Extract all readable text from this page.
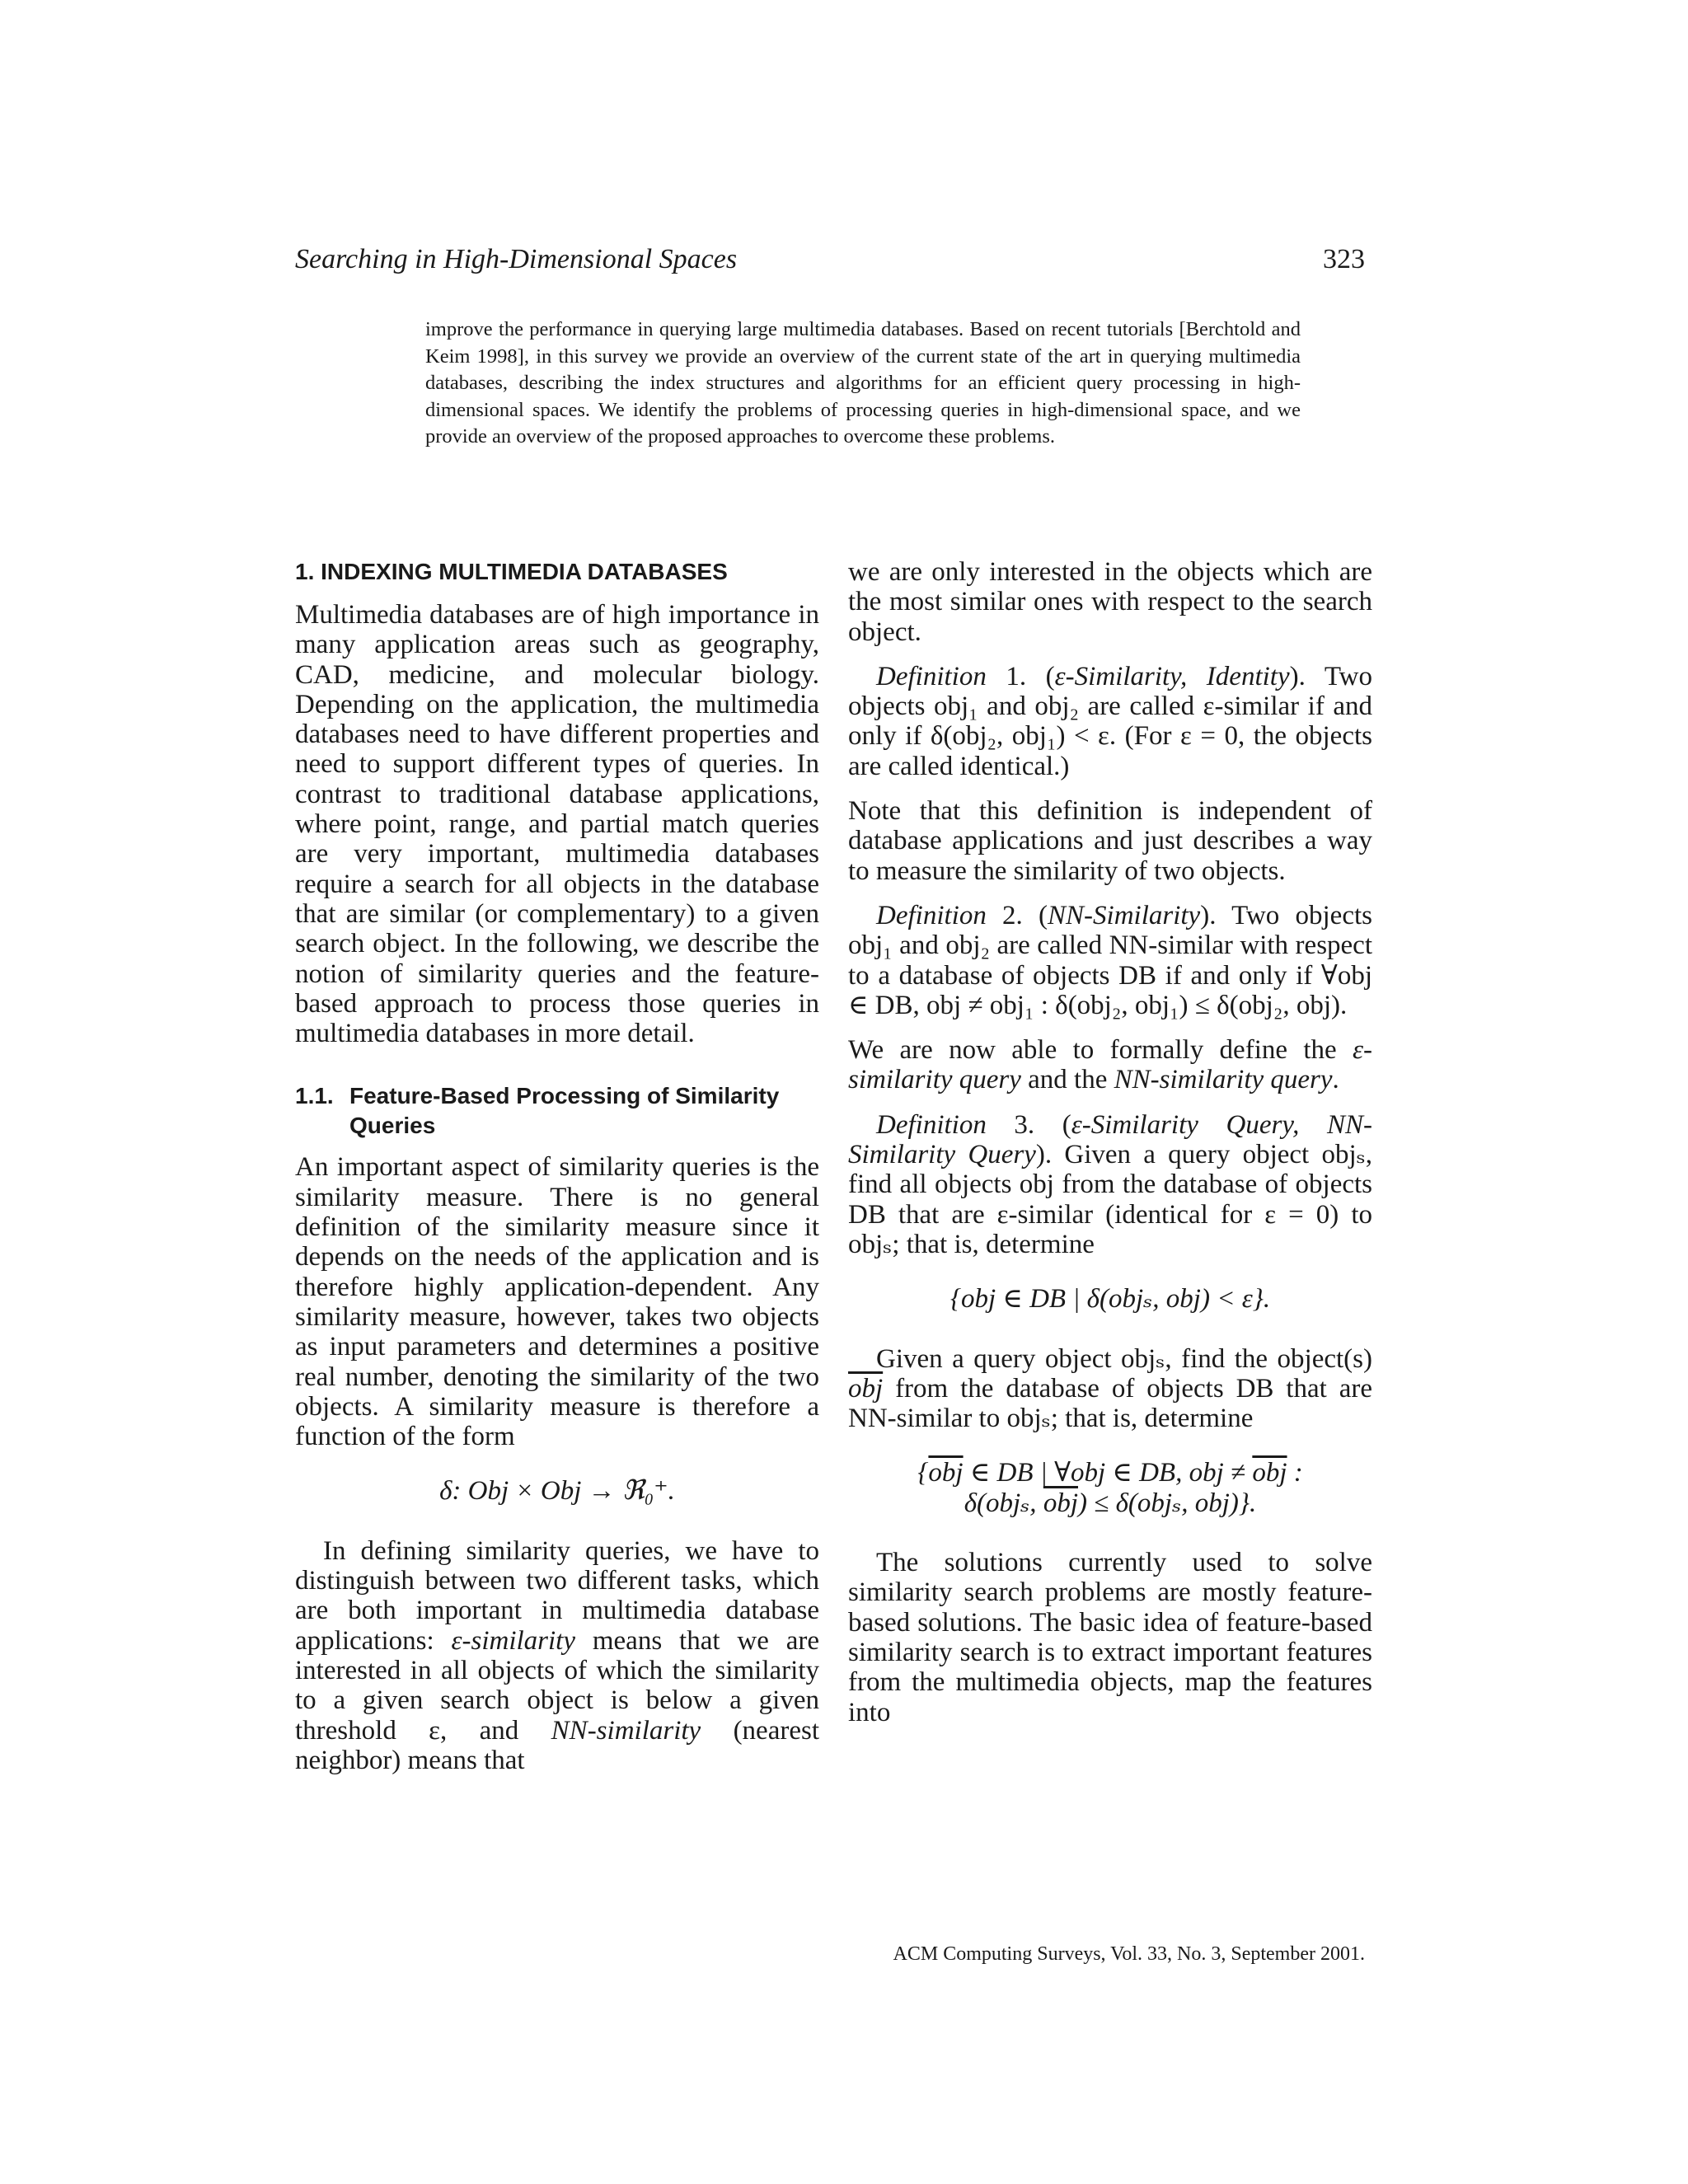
Searching in High-Dimensional Spaces	323

improve the performance in querying large multimedia databases. Based on recent tutorials [Berchtold and Keim 1998], in this survey we provide an overview of the current state of the art in querying multimedia databases, describing the index structures and algorithms for an efficient query processing in high-dimensional spaces. We identify the problems of processing queries in high-dimensional space, and we provide an overview of the proposed approaches to overcome these problems.

1. INDEXING MULTIMEDIA DATABASES

Multimedia databases are of high importance in many application areas such as geography, CAD, medicine, and molecular biology. Depending on the application, the multimedia databases need to have different properties and need to support different types of queries. In contrast to traditional database applications, where point, range, and partial match queries are very important, multimedia databases require a search for all objects in the database that are similar (or complementary) to a given search object. In the following, we describe the notion of similarity queries and the feature-based approach to process those queries in multimedia databases in more detail.

1.1. Feature-Based Processing of Similarity Queries

An important aspect of similarity queries is the similarity measure. There is no general definition of the similarity measure since it depends on the needs of the application and is therefore highly application-dependent. Any similarity measure, however, takes two objects as input parameters and determines a positive real number, denoting the similarity of the two objects. A similarity measure is therefore a function of the form

δ: Obj × Obj → ℜ₀⁺.

In defining similarity queries, we have to distinguish between two different tasks, which are both important in multimedia database applications: ε-similarity means that we are interested in all objects of which the similarity to a given search object is below a given threshold ε, and NN-similarity (nearest neighbor) means that

we are only interested in the objects which are the most similar ones with respect to the search object.

Definition 1. (ε-Similarity, Identity). Two objects obj₁ and obj₂ are called ε-similar if and only if δ(obj₂, obj₁) < ε. (For ε = 0, the objects are called identical.)

Note that this definition is independent of database applications and just describes a way to measure the similarity of two objects.

Definition 2. (NN-Similarity). Two objects obj₁ and obj₂ are called NN-similar with respect to a database of objects DB if and only if ∀obj ∈ DB, obj ≠ obj₁ : δ(obj₂, obj₁) ≤ δ(obj₂, obj).

We are now able to formally define the ε-similarity query and the NN-similarity query.

Definition 3. (ε-Similarity Query, NN-Similarity Query). Given a query object objₛ, find all objects obj from the database of objects DB that are ε-similar (identical for ε = 0) to objₛ; that is, determine

{obj ∈ DB | δ(objₛ, obj) < ε}.

Given a query object objₛ, find the object(s) $\overline{obj}$ from the database of objects DB that are NN-similar to objₛ; that is, determine

{$\overline{obj}$ ∈ DB | ∀obj ∈ DB, obj ≠ $\overline{obj}$ :
δ(objₛ, $\overline{obj}) \le \delta(obj_s$, obj)}.

The solutions currently used to solve similarity search problems are mostly feature-based solutions. The basic idea of feature-based similarity search is to extract important features from the multimedia objects, map the features into

ACM Computing Surveys, Vol. 33, No. 3, September 2001.
